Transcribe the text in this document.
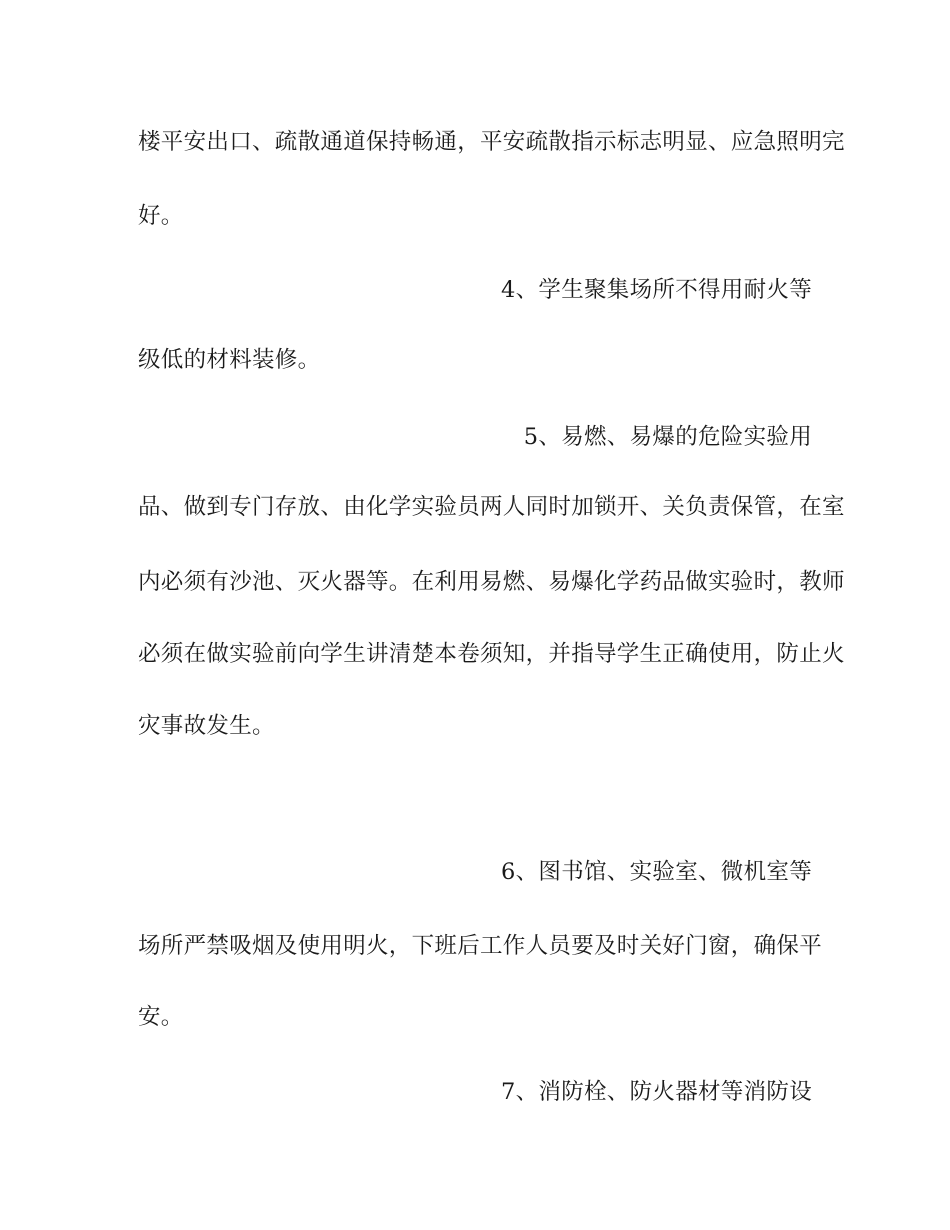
楼平安出口、疏散通道保持畅通，平安疏散指示标志明显、应急照明完
好。
4、学生聚集场所不得用耐火等
级低的材料装修。
5、易燃、易爆的危险实验用
品、做到专门存放、由化学实验员两人同时加锁开、关负责保管，在室
内必须有沙池、灭火器等。在利用易燃、易爆化学药品做实验时，教师
必须在做实验前向学生讲清楚本卷须知，并指导学生正确使用，防止火
灾事故发生。
6、图书馆、实验室、微机室等
场所严禁吸烟及使用明火，下班后工作人员要及时关好门窗，确保平
安。
7、消防栓、防火器材等消防设
